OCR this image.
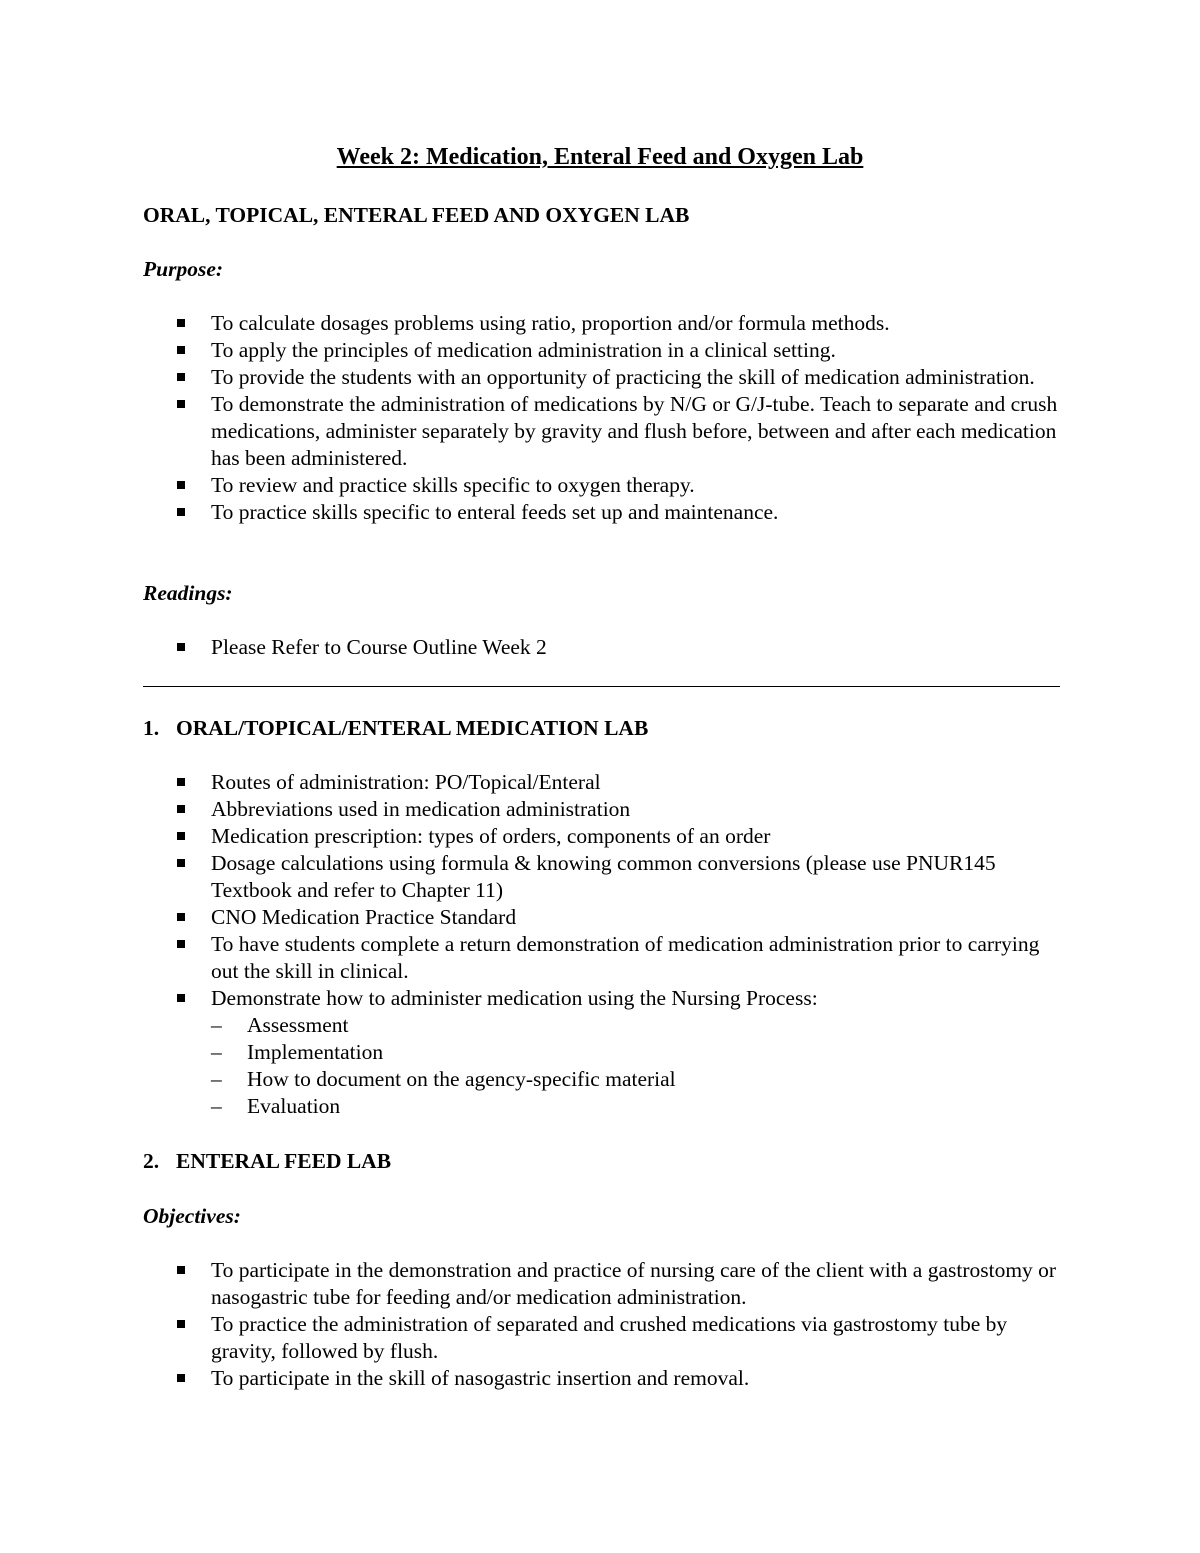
Week 2: Medication, Enteral Feed and Oxygen Lab
ORAL, TOPICAL, ENTERAL FEED AND OXYGEN LAB
Purpose:
To calculate dosages problems using ratio, proportion and/or formula methods.
To apply the principles of medication administration in a clinical setting.
To provide the students with an opportunity of practicing the skill of medication administration.
To demonstrate the administration of medications by N/G or G/J-tube. Teach to separate and crush medications, administer separately by gravity and flush before, between and after each medication has been administered.
To review and practice skills specific to oxygen therapy.
To practice skills specific to enteral feeds set up and maintenance.
Readings:
Please Refer to Course Outline Week 2
1. ORAL/TOPICAL/ENTERAL MEDICATION LAB
Routes of administration: PO/Topical/Enteral
Abbreviations used in medication administration
Medication prescription: types of orders, components of an order
Dosage calculations using formula & knowing common conversions (please use PNUR145 Textbook and refer to Chapter 11)
CNO Medication Practice Standard
To have students complete a return demonstration of medication administration prior to carrying out the skill in clinical.
Demonstrate how to administer medication using the Nursing Process:
– Assessment
– Implementation
– How to document on the agency-specific material
– Evaluation
2. ENTERAL FEED LAB
Objectives:
To participate in the demonstration and practice of nursing care of the client with a gastrostomy or nasogastric tube for feeding and/or medication administration.
To practice the administration of separated and crushed medications via gastrostomy tube by gravity, followed by flush.
To participate in the skill of nasogastric insertion and removal.
